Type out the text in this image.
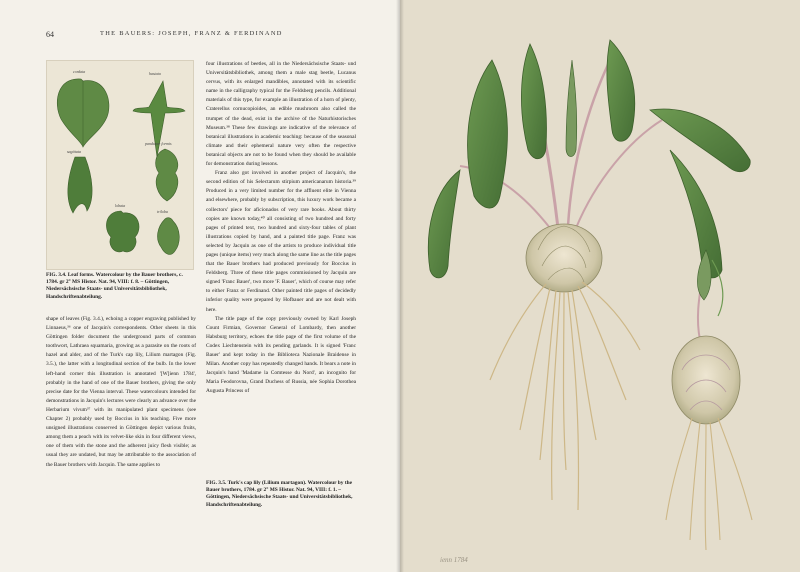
64	THE BAUERS: JOSEPH, FRANZ & FERDINAND
cordata	hastata
sagittata
pandurae formis
lobata
triloba
FIG. 3.4. Leaf forms. Watercolour by the Bauer brothers, c. 1784. gr 2° MS Histor. Nat. 94, VIII: f. 8. – Göttingen, Niedersächsische Staats- und Universitätsbibliothek, Handschriftenabteilung.

shape of leaves (Fig. 3.4.), echoing a copper engraving published by Linnaeus,³⁶ one of Jacquin's correspondents. Other sheets in this Göttingen folder document the underground parts of common toothwort, Lathraea squamaria, growing as a parasite on the roots of hazel and alder, and of the Turk's cap lily, Lilium martagon (Fig. 3.5.), the latter with a longitudinal section of the bulb. In the lower left-hand corner this illustration is annotated '[W]ienn 1784', probably in the hand of one of the Bauer brothers, giving the only precise date for the Vienna interval. These watercolours intended for demonstrations in Jacquin's lectures were clearly an advance over the Herbarium vivum³⁷ with its manipulated plant specimens (see Chapter 2) probably used by Boccius in his teaching. Five more unsigned illustrations conserved in Göttingen depict various fruits, among them a peach with its velvet-like skin in four different views, one of them with the stone and the adherent juicy flesh visible; as usual they are undated, but may be attributable to the association of the Bauer brothers with Jacquin. The same applies to

four illustrations of beetles, all in the Niedersächsische Staats- und Universitätsbibliothek, among them a male stag beetle, Lucanus cervus, with its enlarged mandibles, annotated with its scientific name in the calligraphy typical for the Feldsberg pencils. Additional materials of this type, for example an illustration of a horn of plenty, Craterellus cornucopioides, an edible mushroom also called the trumpet of the dead, exist in the archive of the Naturhistorisches Museum.³⁸ These few drawings are indicative of the relevance of botanical illustrations in academic teaching: because of the seasonal climate and their ephemeral nature very often the respective botanical objects are not to be found when they should be available for demonstration during lessons.

Franz also got involved in another project of Jacquin's, the second edition of his Selectarum stirpium americanarum historia.³⁹ Produced in a very limited number for the affluent elite in Vienna and elsewhere, probably by subscription, this luxury work became a collectors' piece for aficionados of very rare books. About thirty copies are known today,⁴⁰ all consisting of two hundred and forty pages of printed text, two hundred and sixty-four tables of plant illustrations copied by hand, and a painted title page. Franz was selected by Jacquin as one of the artists to produce individual title pages (unique items) very much along the same line as the title pages that the Bauer brothers had produced previously for Boccius in Feldsberg. Three of these title pages commissioned by Jacquin are signed 'Franc Bauer', two more 'F. Bauer', which of course may refer to either Franz or Ferdinand. Other painted title pages of decidedly inferior quality were prepared by Hofbauer and are not dealt with here.

The title page of the copy previously owned by Karl Joseph Count Firmian, Governor General of Lombardy, then another Habsburg territory, echoes the title page of the first volume of the Codex Liechtenstein with its pending garlands. It is signed 'Franc Bauer' and kept today in the Biblioteca Nazionale Braidense in Milan. Another copy has repeatedly changed hands. It bears a note in Jacquin's hand 'Madame la Comtesse du Nord', an incognito for Maria Feodorovna, Grand Duchess of Russia, née Sophia Dorothea Augusta Princess of

FIG. 3.5. Turk's cap lily (Lilium martagon). Watercolour by the Bauer brothers, 1784. gr 2° MS Histor. Nat. 94, VIII: f. 1. – Göttingen, Niedersächsische Staats- und Universitätsbibliothek, Handschriftenabteilung.
ienn 1784
